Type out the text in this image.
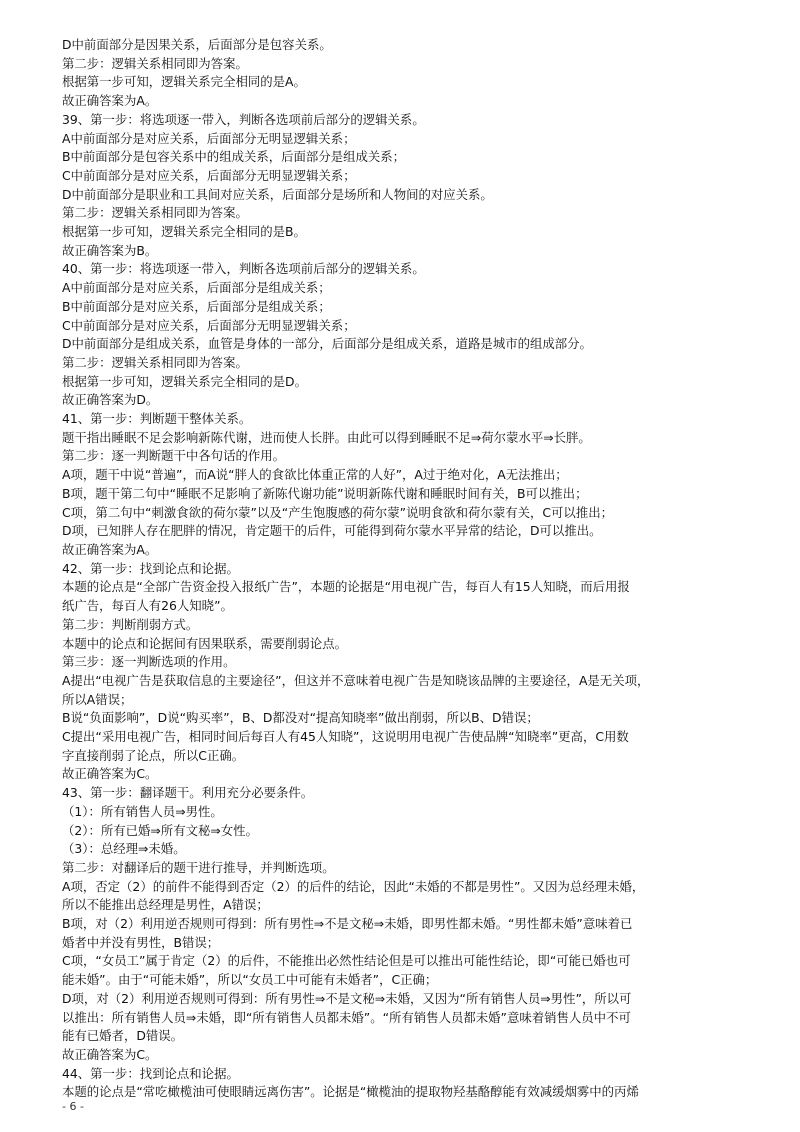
D中前面部分是因果关系，后面部分是包容关系。

第二步：逻辑关系相同即为答案。

根据第一步可知，逻辑关系完全相同的是A。

故正确答案为A。

39、第一步：将选项逐一带入，判断各选项前后部分的逻辑关系。

A中前面部分是对应关系，后面部分无明显逻辑关系；

B中前面部分是包容关系中的组成关系，后面部分是组成关系；

C中前面部分是对应关系，后面部分无明显逻辑关系；

D中前面部分是职业和工具间对应关系，后面部分是场所和人物间的对应关系。

第二步：逻辑关系相同即为答案。

根据第一步可知，逻辑关系完全相同的是B。

故正确答案为B。

40、第一步：将选项逐一带入，判断各选项前后部分的逻辑关系。

A中前面部分是对应关系，后面部分是组成关系；

B中前面部分是对应关系，后面部分是组成关系；

C中前面部分是对应关系，后面部分无明显逻辑关系；

D中前面部分是组成关系，血管是身体的一部分，后面部分是组成关系，道路是城市的组成部分。

第二步：逻辑关系相同即为答案。

根据第一步可知，逻辑关系完全相同的是D。

故正确答案为D。

41、第一步：判断题干整体关系。

题干指出睡眠不足会影响新陈代谢，进而使人长胖。由此可以得到睡眠不足⇒荷尔蒙水平⇒长胖。

第二步：逐一判断题干中各句话的作用。

A项，题干中说“普遍”，而A说“胖人的食欲比体重正常的人好”，A过于绝对化，A无法推出；

B项，题干第二句中“睡眠不足影响了新陈代谢功能”说明新陈代谢和睡眠时间有关，B可以推出；

C项，第二句中“刺激食欲的荷尔蒙”以及“产生饱腹感的荷尔蒙”说明食欲和荷尔蒙有关，C可以推出；

D项，已知胖人存在肥胖的情况，肯定题干的后件，可能得到荷尔蒙水平异常的结论，D可以推出。

故正确答案为A。

42、第一步：找到论点和论据。

本题的论点是“全部广告资金投入报纸广告”，本题的论据是“用电视广告，每百人有15人知晓，而后用报

纸广告，每百人有26人知晓”。

第二步：判断削弱方式。

本题中的论点和论据间有因果联系，需要削弱论点。

第三步：逐一判断选项的作用。

A提出“电视广告是获取信息的主要途径”，但这并不意味着电视广告是知晓该品牌的主要途径，A是无关项，

所以A错误；

B说“负面影响”，D说“购买率”，B、D都没对“提高知晓率”做出削弱，所以B、D错误；

C提出“采用电视广告，相同时间后每百人有45人知晓”，这说明用电视广告使品牌“知晓率”更高，C用数

字直接削弱了论点，所以C正确。

故正确答案为C。

43、第一步：翻译题干。利用充分必要条件。

（1）：所有销售人员⇒男性。

（2）：所有已婚⇒所有文秘⇒女性。

（3）：总经理⇒未婚。

第二步：对翻译后的题干进行推导，并判断选项。

A项，否定（2）的前件不能得到否定（2）的后件的结论，因此“未婚的不都是男性”。又因为总经理未婚，

所以不能推出总经理是男性，A错误；

B项，对（2）利用逆否规则可得到：所有男性⇒不是文秘⇒未婚，即男性都未婚。“男性都未婚”意味着已

婚者中并没有男性，B错误；

C项，“女员工”属于肯定（2）的后件，不能推出必然性结论但是可以推出可能性结论，即“可能已婚也可

能未婚”。由于“可能未婚”，所以“女员工中可能有未婚者”，C正确；

D项，对（2）利用逆否规则可得到：所有男性⇒不是文秘⇒未婚，又因为“所有销售人员⇒男性”，所以可

以推出：所有销售人员⇒未婚，即“所有销售人员都未婚”。“所有销售人员都未婚”意味着销售人员中不可

能有已婚者，D错误。

故正确答案为C。

44、第一步：找到论点和论据。

本题的论点是“常吃橄榄油可使眼睛远离伤害”。论据是“橄榄油的提取物羟基酪醇能有效减缓烟雾中的丙烯

- 6 -
